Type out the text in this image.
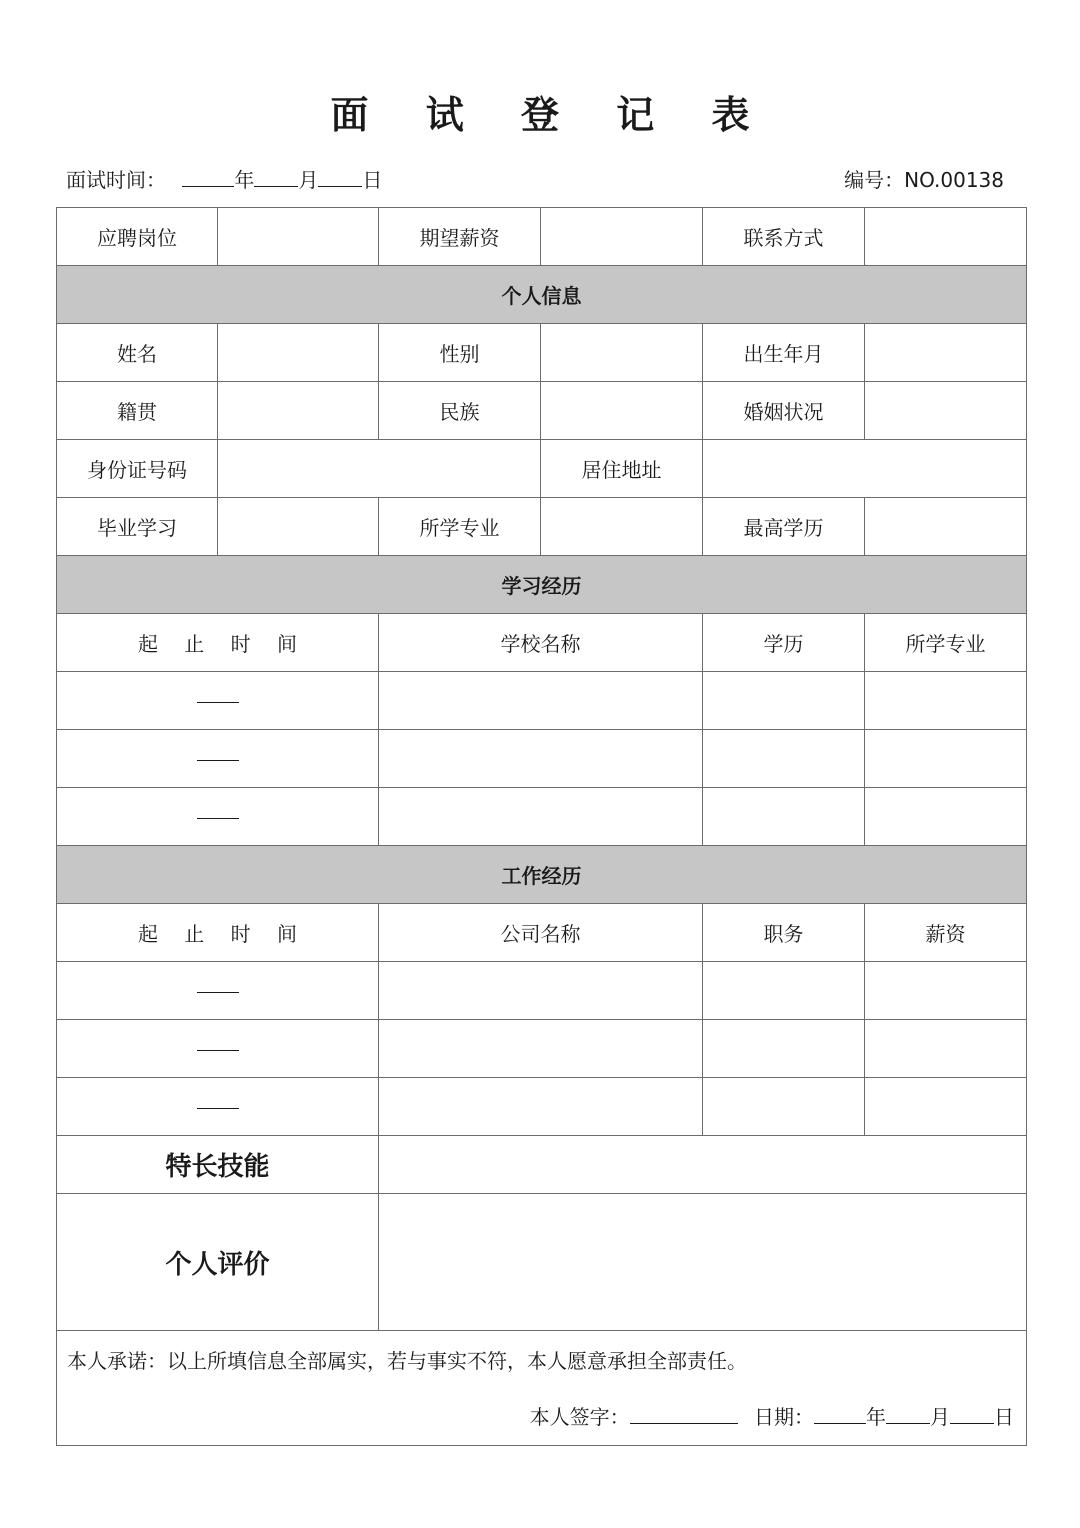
面 试 登 记 表
面试时间：	年 月 日	编号：NO.00138
应聘岗位		期望薪资		联系方式	
个人信息					
姓名		性别		出生年月	
籍贯		民族		婚姻状况	
身份证号码			居住地址		
毕业学习		所学专业		最高学历	
学习经历					
起 止 时 间		学校名称		学历	所学专业

工作经历					
起 止 时 间		公司名称		职务	薪资

特长技能					
个人评价					

本人承诺：以上所填信息全部属实，若与事实不符，本人愿意承担全部责任。
本人签字： 日期： 年 月 日					
